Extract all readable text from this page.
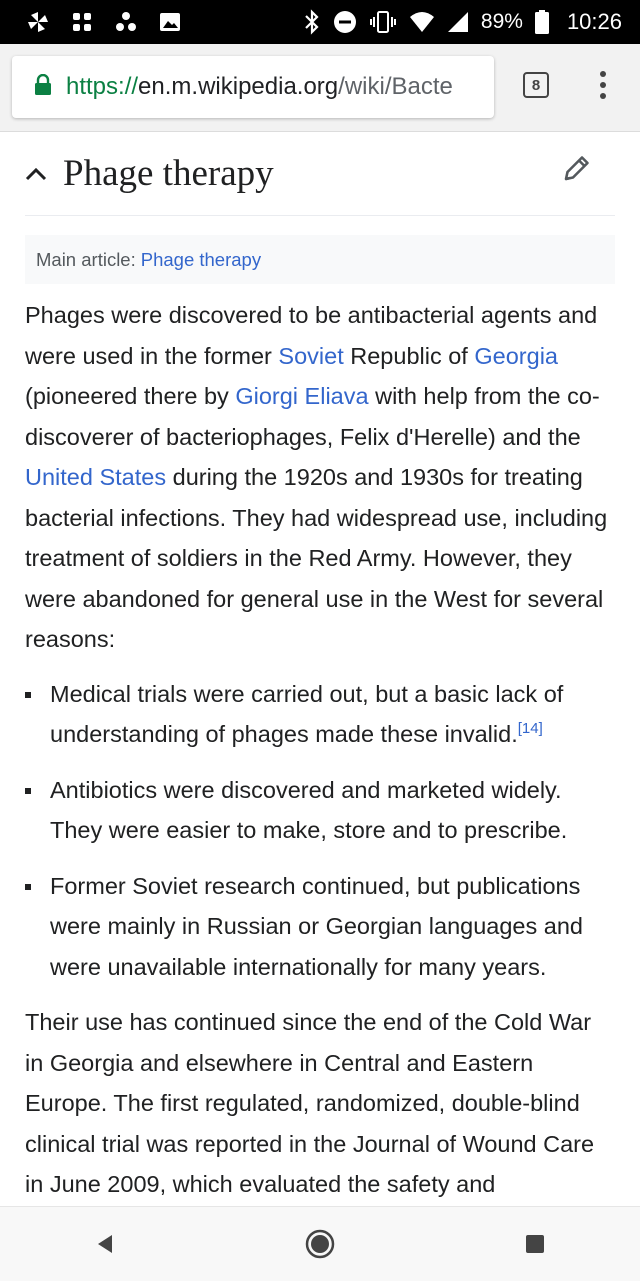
89% 10:26
https://en.m.wikipedia.org/wiki/Bacte	8
Phage therapy
Main article: Phage therapy

Phages were discovered to be antibacterial agents and were used in the former Soviet Republic of Georgia (pioneered there by Giorgi Eliava with help from the co-discoverer of bacteriophages, Felix d'Herelle) and the United States during the 1920s and 1930s for treating bacterial infections. They had widespread use, including treatment of soldiers in the Red Army. However, they were abandoned for general use in the West for several reasons:

Medical trials were carried out, but a basic lack of understanding of phages made these invalid.[14]
Antibiotics were discovered and marketed widely. They were easier to make, store and to prescribe.
Former Soviet research continued, but publications were mainly in Russian or Georgian languages and were unavailable internationally for many years.

Their use has continued since the end of the Cold War in Georgia and elsewhere in Central and Eastern Europe. The first regulated, randomized, double-blind clinical trial was reported in the Journal of Wound Care in June 2009, which evaluated the safety and
